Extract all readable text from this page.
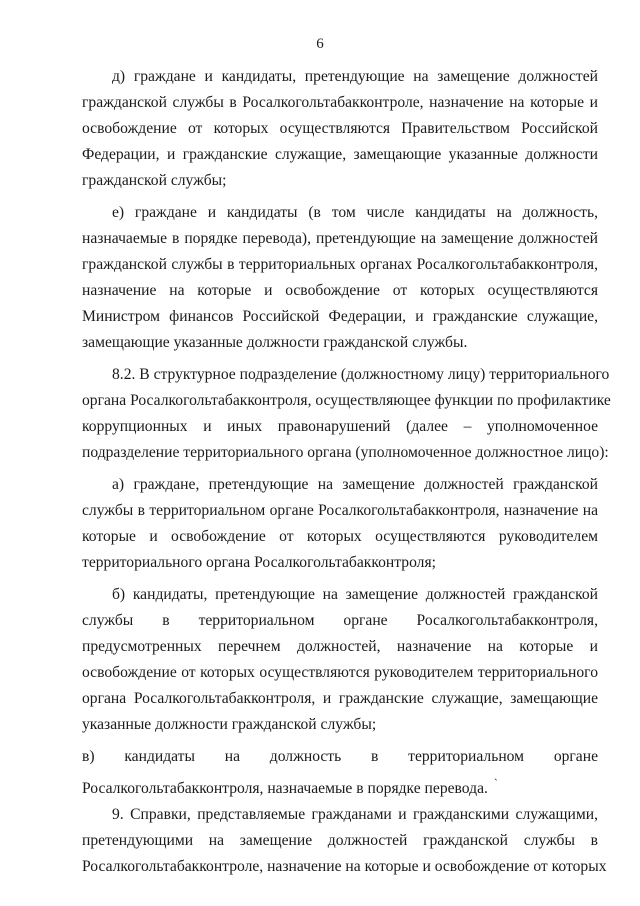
6
д) граждане и кандидаты, претендующие на замещение должностей
гражданской службы в Росалкогольтабакконтроле, назначение на которые и
освобождение от которых осуществляются Правительством Российской
Федерации, и гражданские служащие, замещающие указанные должности
гражданской службы;
е) граждане и кандидаты (в том числе кандидаты на должность,
назначаемые в порядке перевода), претендующие на замещение должностей
гражданской службы в территориальных органах Росалкогольтабакконтроля,
назначение на которые и освобождение от которых осуществляются
Министром финансов Российской Федерации, и гражданские служащие,
замещающие указанные должности гражданской службы.
8.2. В структурное подразделение (должностному лицу) территориального
органа Росалкогольтабакконтроля, осуществляющее функции по профилактике
коррупционных и иных правонарушений (далее – уполномоченное
подразделение территориального органа (уполномоченное должностное лицо):
а) граждане, претендующие на замещение должностей гражданской
службы в территориальном органе Росалкогольтабакконтроля, назначение на
которые и освобождение от которых осуществляются руководителем
территориального органа Росалкогольтабакконтроля;
б) кандидаты, претендующие на замещение должностей гражданской
службы в территориальном органе Росалкогольтабакконтроля,
предусмотренных перечнем должностей, назначение на которые и
освобождение от которых осуществляются руководителем территориального
органа Росалкогольтабакконтроля, и гражданские служащие, замещающие
указанные должности гражданской службы;
в) кандидаты на должность в территориальном органе
Росалкогольтабакконтроля, назначаемые в порядке перевода. `
9. Справки, представляемые гражданами и гражданскими служащими,
претендующими на замещение должностей гражданской службы в
Росалкогольтабакконтроле, назначение на которые и освобождение от которых
